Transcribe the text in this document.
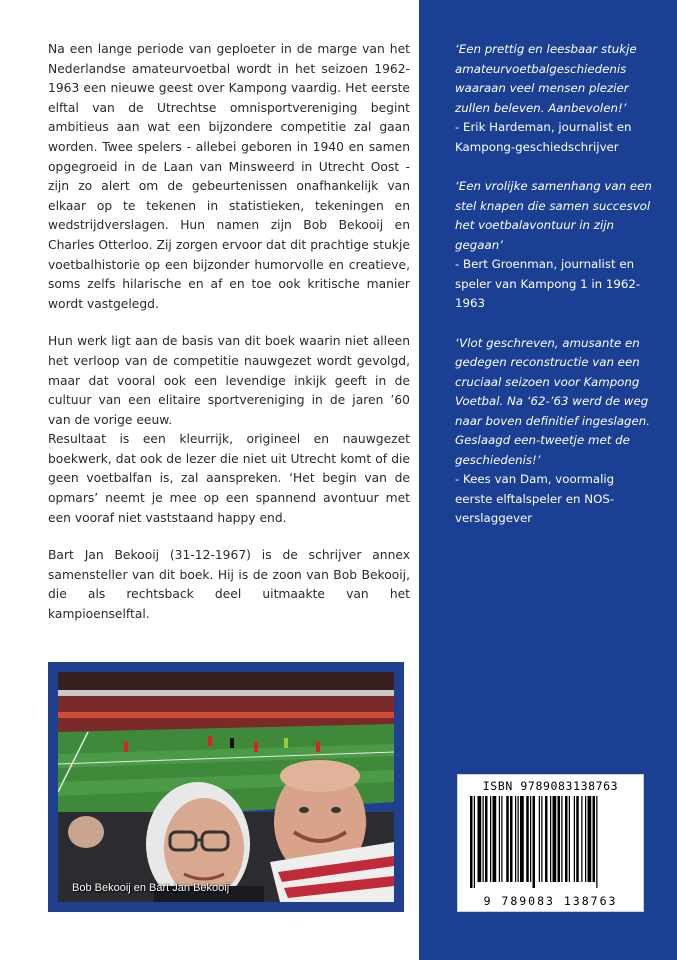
Na een lange periode van geploeter in de marge van het Nederlandse amateurvoetbal wordt in het seizoen 1962-1963 een nieuwe geest over Kampong vaardig. Het eerste elftal van de Utrechtse omnisportvereniging begint ambitieus aan wat een bijzondere competitie zal gaan worden. Twee spelers - allebei geboren in 1940 en samen opgegroeid in de Laan van Minsweerd in Utrecht Oost - zijn zo alert om de gebeurtenissen onafhankelijk van elkaar op te tekenen in statistieken, tekeningen en wedstrijdverslagen. Hun namen zijn Bob Bekooij en Charles Otterloo. Zij zorgen ervoor dat dit prachtige stukje voetbalhistorie op een bijzonder humorvolle en creatieve, soms zelfs hilarische en af en toe ook kritische manier wordt vastgelegd.

Hun werk ligt aan de basis van dit boek waarin niet alleen het verloop van de competitie nauwgezet wordt gevolgd, maar dat vooral ook een levendige inkijk geeft in de cultuur van een elitaire sportvereniging in de jaren ’60 van de vorige eeuw.

Resultaat is een kleurrijk, origineel en nauwgezet boekwerk, dat ook de lezer die niet uit Utrecht komt of die geen voetbalfan is, zal aanspreken. ‘Het begin van de opmars’ neemt je mee op een spannend avontuur met een vooraf niet vaststaand happy end.

Bart Jan Bekooij (31-12-1967) is de schrijver annex samensteller van dit boek. Hij is de zoon van Bob Bekooij, die als rechtsback deel uitmaakte van het kampioenselftal.

Bob Bekooij en Bart Jan Bekooij

‘Een prettig en leesbaar stukje amateurvoetbalgeschiedenis waaraan veel mensen plezier zullen beleven. Aanbevolen!’

- Erik Hardeman, journalist en Kampong-geschiedschrijver

‘Een vrolijke samenhang van een stel knapen die samen succesvol het voetbalavontuur in zijn gegaan’

- Bert Groenman, journalist en speler van Kampong 1 in 1962-1963

‘Vlot geschreven, amusante en gedegen reconstructie van een cruciaal seizoen voor Kampong Voetbal. Na ‘62-’63 werd de weg naar boven definitief ingeslagen. Geslaagd een-tweetje met de geschiedenis!’

- Kees van Dam, voormalig eerste elftalspeler en NOS-verslaggever

ISBN 9789083138763
9 789083 138763
